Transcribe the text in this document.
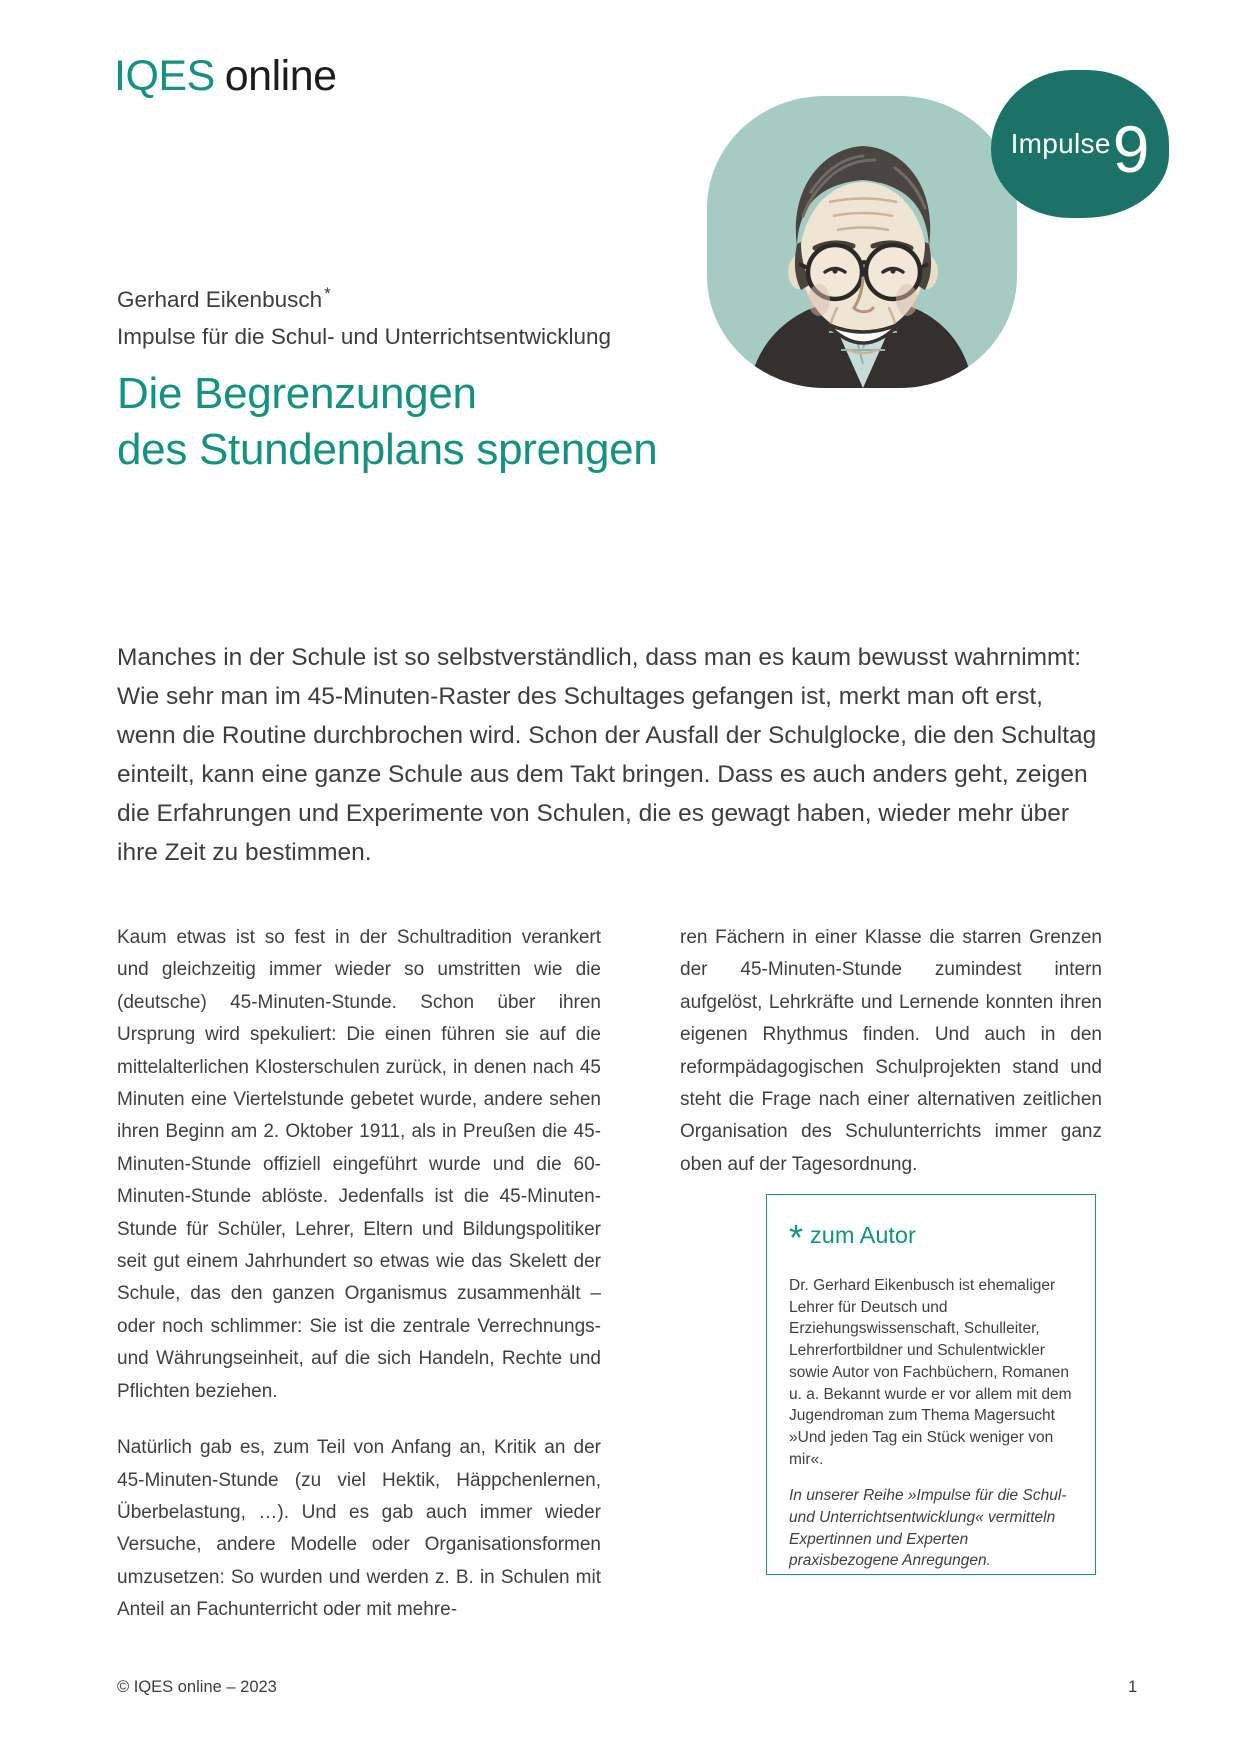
IQES online
Impulse 9

Gerhard Eikenbusch *

Impulse für die Schul- und Unterrichtsentwicklung

Die Begrenzungen
des Stundenplans sprengen

Manches in der Schule ist so selbstverständlich, dass man es kaum bewusst wahrnimmt: Wie sehr man im 45-Minuten-Raster des Schultages gefangen ist, merkt man oft erst, wenn die Routine durchbrochen wird. Schon der Ausfall der Schulglocke, die den Schultag einteilt, kann eine ganze Schule aus dem Takt bringen. Dass es auch anders geht, zeigen die Erfahrungen und Experimente von Schulen, die es gewagt haben, wieder mehr über ihre Zeit zu bestimmen.

Kaum etwas ist so fest in der Schultradition verankert und gleichzeitig immer wieder so umstritten wie die (deutsche) 45-Minuten-Stunde. Schon über ihren Ursprung wird spekuliert: Die einen führen sie auf die mittelalterlichen Klosterschulen zurück, in denen nach 45 Minuten eine Viertelstunde gebetet wurde, andere sehen ihren Beginn am 2. Oktober 1911, als in Preußen die 45-Minuten-Stunde offiziell eingeführt wurde und die 60-Minuten-Stunde ablöste. Jedenfalls ist die 45-Minuten-Stunde für Schüler, Lehrer, Eltern und Bildungspolitiker seit gut einem Jahrhundert so etwas wie das Skelett der Schule, das den ganzen Organismus zusammenhält – oder noch schlimmer: Sie ist die zentrale Verrechnungs- und Währungseinheit, auf die sich Handeln, Rechte und Pflichten beziehen.

Natürlich gab es, zum Teil von Anfang an, Kritik an der 45-Minuten-Stunde (zu viel Hektik, Häppchenlernen, Überbelastung, …). Und es gab auch immer wieder Versuche, andere Modelle oder Organisationsformen umzusetzen: So wurden und werden z. B. in Schulen mit Anteil an Fachunterricht oder mit mehre-

ren Fächern in einer Klasse die starren Grenzen der 45-Minuten-Stunde zumindest intern aufgelöst, Lehrkräfte und Lernende konnten ihren eigenen Rhythmus finden. Und auch in den reformpädagogischen Schulprojekten stand und steht die Frage nach einer alternativen zeitlichen Organisation des Schulunterrichts immer ganz oben auf der Tagesordnung.

* zum Autor

Dr. Gerhard Eikenbusch ist ehemaliger Lehrer für Deutsch und Erziehungswissenschaft, Schulleiter, Lehrerfortbildner und Schulentwickler sowie Autor von Fachbüchern, Romanen u. a. Bekannt wurde er vor allem mit dem Jugendroman zum Thema Magersucht »Und jeden Tag ein Stück weniger von mir«.

In unserer Reihe »Impulse für die Schul- und Unterrichtsentwicklung« vermitteln Expertinnen und Experten praxisbezogene Anregungen.

© IQES online – 2023	1
